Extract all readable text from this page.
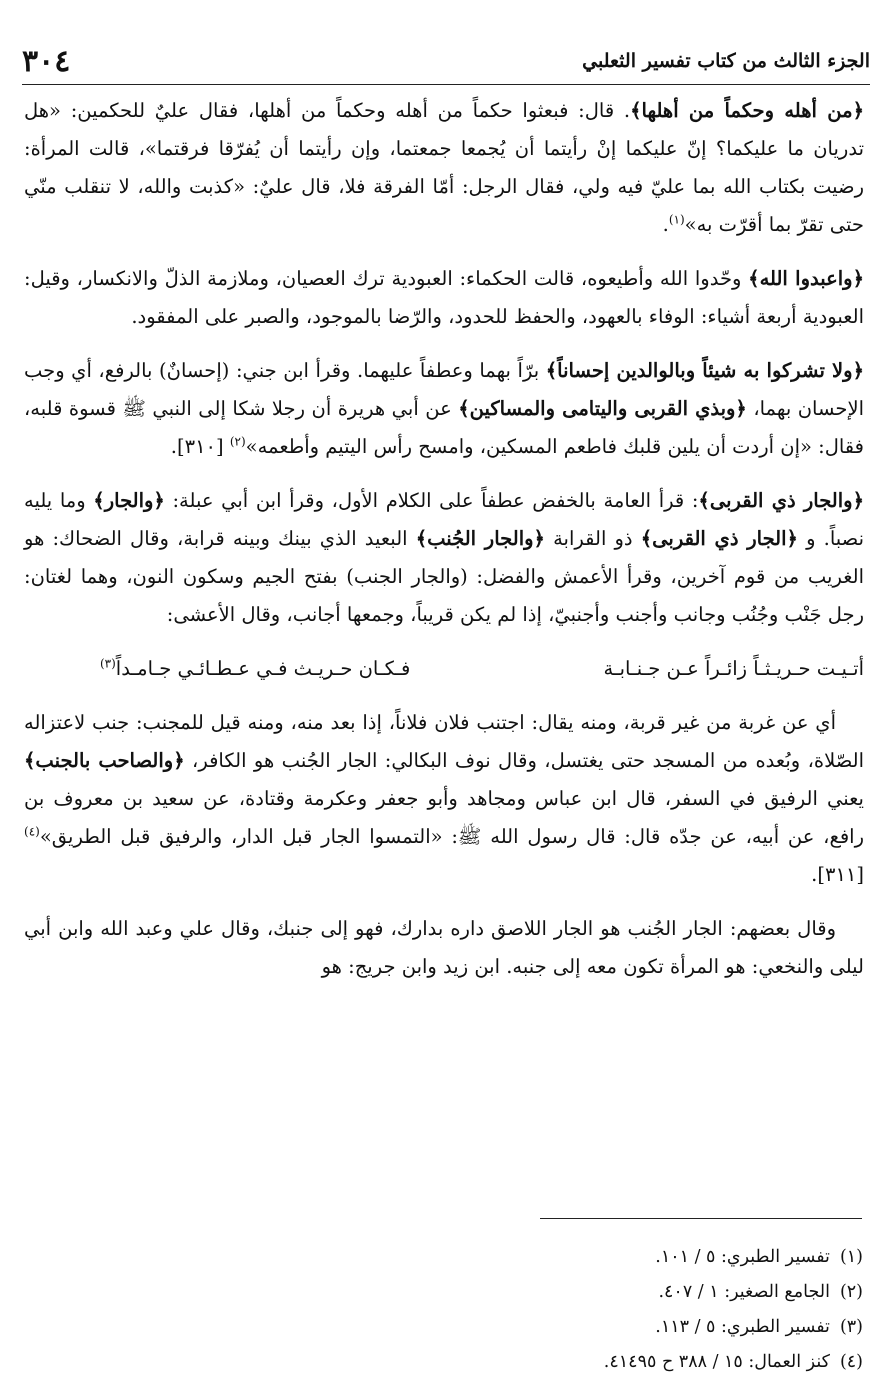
٣٠٤	الجزء الثالث من كتاب تفسير الثعلبي

﴿من أهله وحكماً من أهلها﴾. قال: فبعثوا حكماً من أهله وحكماً من أهلها، فقال عليٌ للحكمين: «هل تدريان ما عليكما؟ إنّ عليكما إنْ رأيتما أن يُجمعا جمعتما، وإن رأيتما أن يُفرّقا فرقتما»، قالت المرأة: رضيت بكتاب الله بما عليّ فيه ولي، فقال الرجل: أمّا الفرقة فلا، قال عليٌ: «كذبت والله، لا تنقلب منّي حتى تقرّ بما أقرّت به»$^{(١)}$.

﴿واعبدوا الله﴾ وحّدوا الله وأطيعوه، قالت الحكماء: العبودية ترك العصيان، وملازمة الذلّ والانكسار، وقيل: العبودية أربعة أشياء: الوفاء بالعهود، والحفظ للحدود، والرّضا بالموجود، والصبر على المفقود.

﴿ولا تشركوا به شيئاً وبالوالدين إحساناً﴾ برّاً بهما وعطفاً عليهما. وقرأ ابن جني: (إحسانٌ) بالرفع، أي وجب الإحسان بهما، ﴿وبذي القربى واليتامى والمساكين﴾ عن أبي هريرة أن رجلا شكا إلى النبي ﷺ قسوة قلبه، فقال: «إن أردت أن يلين قلبك فاطعم المسكين، وامسح رأس اليتيم وأطعمه»$^{(٢)}$ [٣١٠].

﴿والجار ذي القربى﴾: قرأ العامة بالخفض عطفاً على الكلام الأول، وقرأ ابن أبي عبلة: ﴿والجار﴾ وما يليه نصباً. و ﴿الجار ذي القربى﴾ ذو القرابة ﴿والجار الجُنب﴾ البعيد الذي بينك وبينه قرابة، وقال الضحاك: هو الغريب من قوم آخرين، وقرأ الأعمش والفضل: (والجار الجنب) بفتح الجيم وسكون النون، وهما لغتان: رجل جَنْب وجُنُب وجانب وأجنب وأجنبيّ، إذا لم يكن قريباً، وجمعها أجانب، وقال الأعشى:

أتـيـت حـريـثـاً زائـراً عـن جـنـابـة
فـكـان حـريـث فـي عـطـائـي جـامـداً$^{(٣)}$

أي عن غربة من غير قربة، ومنه يقال: اجتنب فلان فلاناً، إذا بعد منه، ومنه قيل للمجنب: جنب لاعتزاله الصّلاة، وبُعده من المسجد حتى يغتسل، وقال نوف البكالي: الجار الجُنب هو الكافر، ﴿والصاحب بالجنب﴾ يعني الرفيق في السفر، قال ابن عباس ومجاهد وأبو جعفر وعكرمة وقتادة، عن سعيد بن معروف بن رافع، عن أبيه، عن جدّه قال: قال رسول الله ﷺ: «التمسوا الجار قبل الدار، والرفيق قبل الطريق»$^{(٤)}$ [٣١١].

وقال بعضهم: الجار الجُنب هو الجار اللاصق داره بدارك، فهو إلى جنبك، وقال علي وعبد الله وابن أبي ليلى والنخعي: هو المرأة تكون معه إلى جنبه. ابن زيد وابن جريج: هو

(١)تفسير الطبري: ٥ / ١٠١.
(٢)الجامع الصغير: ١ / ٤٠٧.
(٣)تفسير الطبري: ٥ / ١١٣.
(٤)كنز العمال: ١٥ / ٣٨٨ ح ٤١٤٩٥.
